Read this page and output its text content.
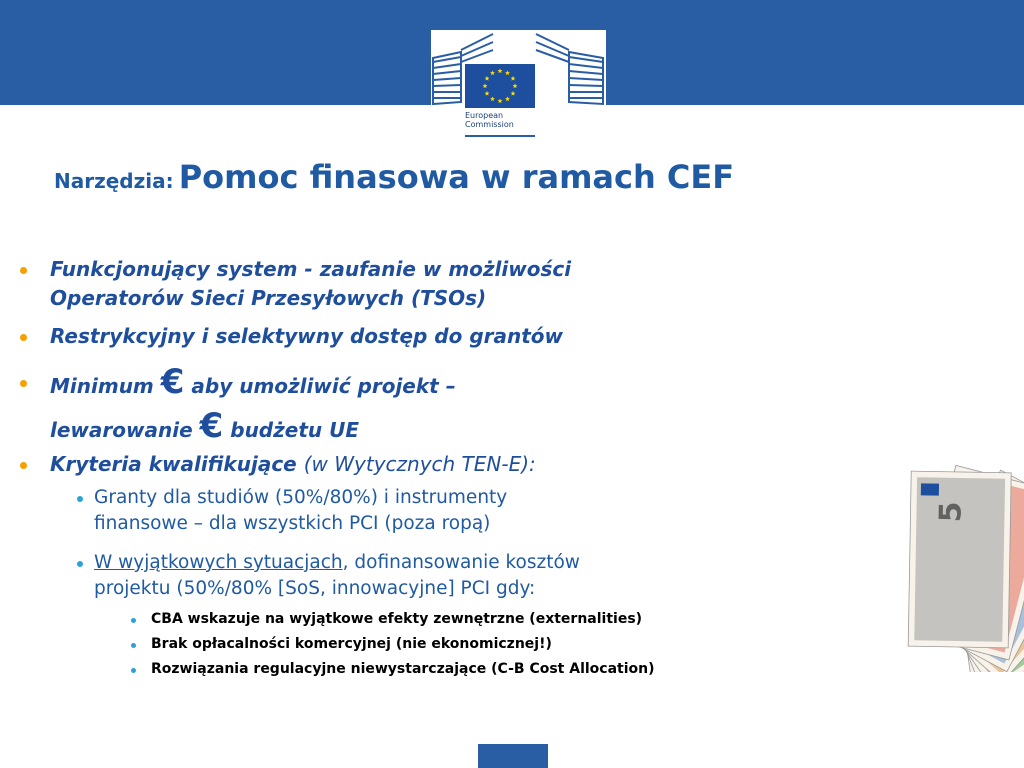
European
Commission
Narzędzia: Pomoc finasowa w ramach CEF
Funkcjonujący system - zaufanie w możliwości
Operatorów Sieci Przesyłowych (TSOs)
Restrykcyjny i selektywny dostęp do grantów
Minimum € aby umożliwić projekt –
lewarowanie € budżetu UE
Kryteria kwalifikujące (w Wytycznych TEN-E):
Granty dla studiów (50%/80%) i instrumenty
finansowe – dla wszystkich PCI (poza ropą)
W wyjątkowych sytuacjach, dofinansowanie kosztów
projektu (50%/80% [SoS, innowacyjne] PCI gdy:
CBA wskazuje na wyjątkowe efekty zewnętrzne (externalities)
Brak opłacalności komercyjnej (nie ekonomicznej!)
Rozwiązania regulacyjne niewystarczające (C-B Cost Allocation)
5
